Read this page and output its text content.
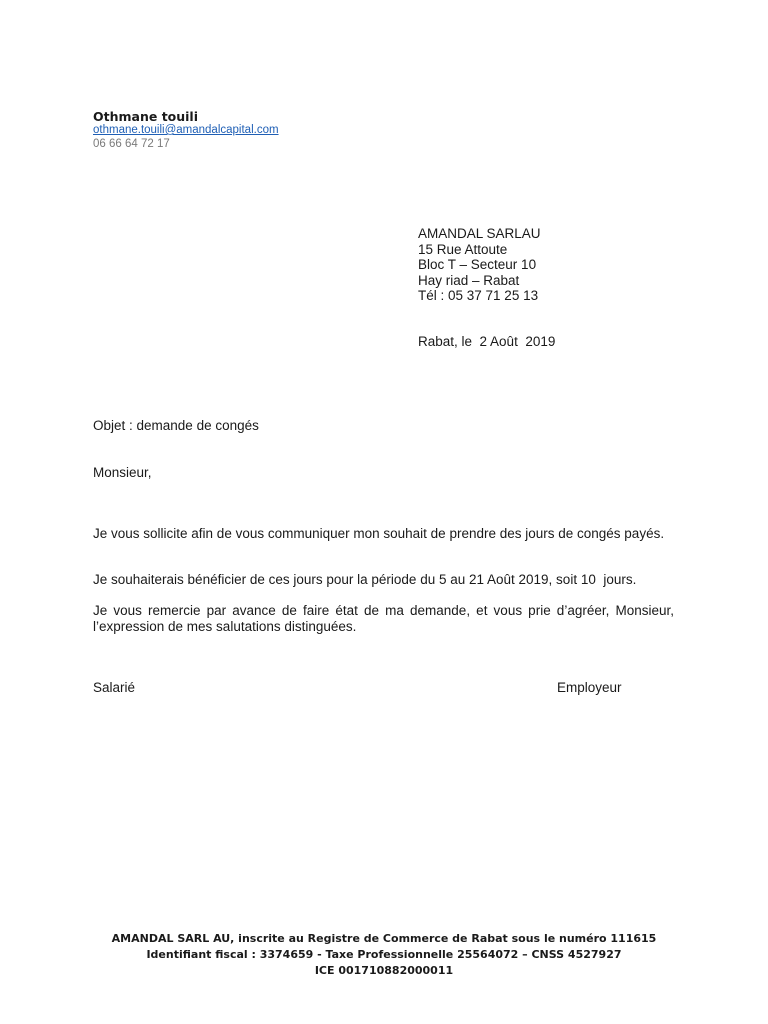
Othmane touili
othmane.touili@amandalcapital.com
06 66 64 72 17
AMANDAL SARLAU
15 Rue Attoute
Bloc T – Secteur 10
Hay riad – Rabat
Tél : 05 37 71 25 13
Rabat, le  2 Août  2019
Objet : demande de congés
Monsieur,
Je vous sollicite afin de vous communiquer mon souhait de prendre des jours de congés payés.
Je souhaiterais bénéficier de ces jours pour la période du 5 au 21 Août 2019, soit 10  jours.
Je vous remercie par avance de faire état de ma demande, et vous prie d’agréer, Monsieur, l’expression de mes salutations distinguées.
Salarié	Employeur
AMANDAL SARL AU, inscrite au Registre de Commerce de Rabat sous le numéro 111615
Identifiant fiscal : 3374659 - Taxe Professionnelle 25564072 – CNSS 4527927
ICE 001710882000011
